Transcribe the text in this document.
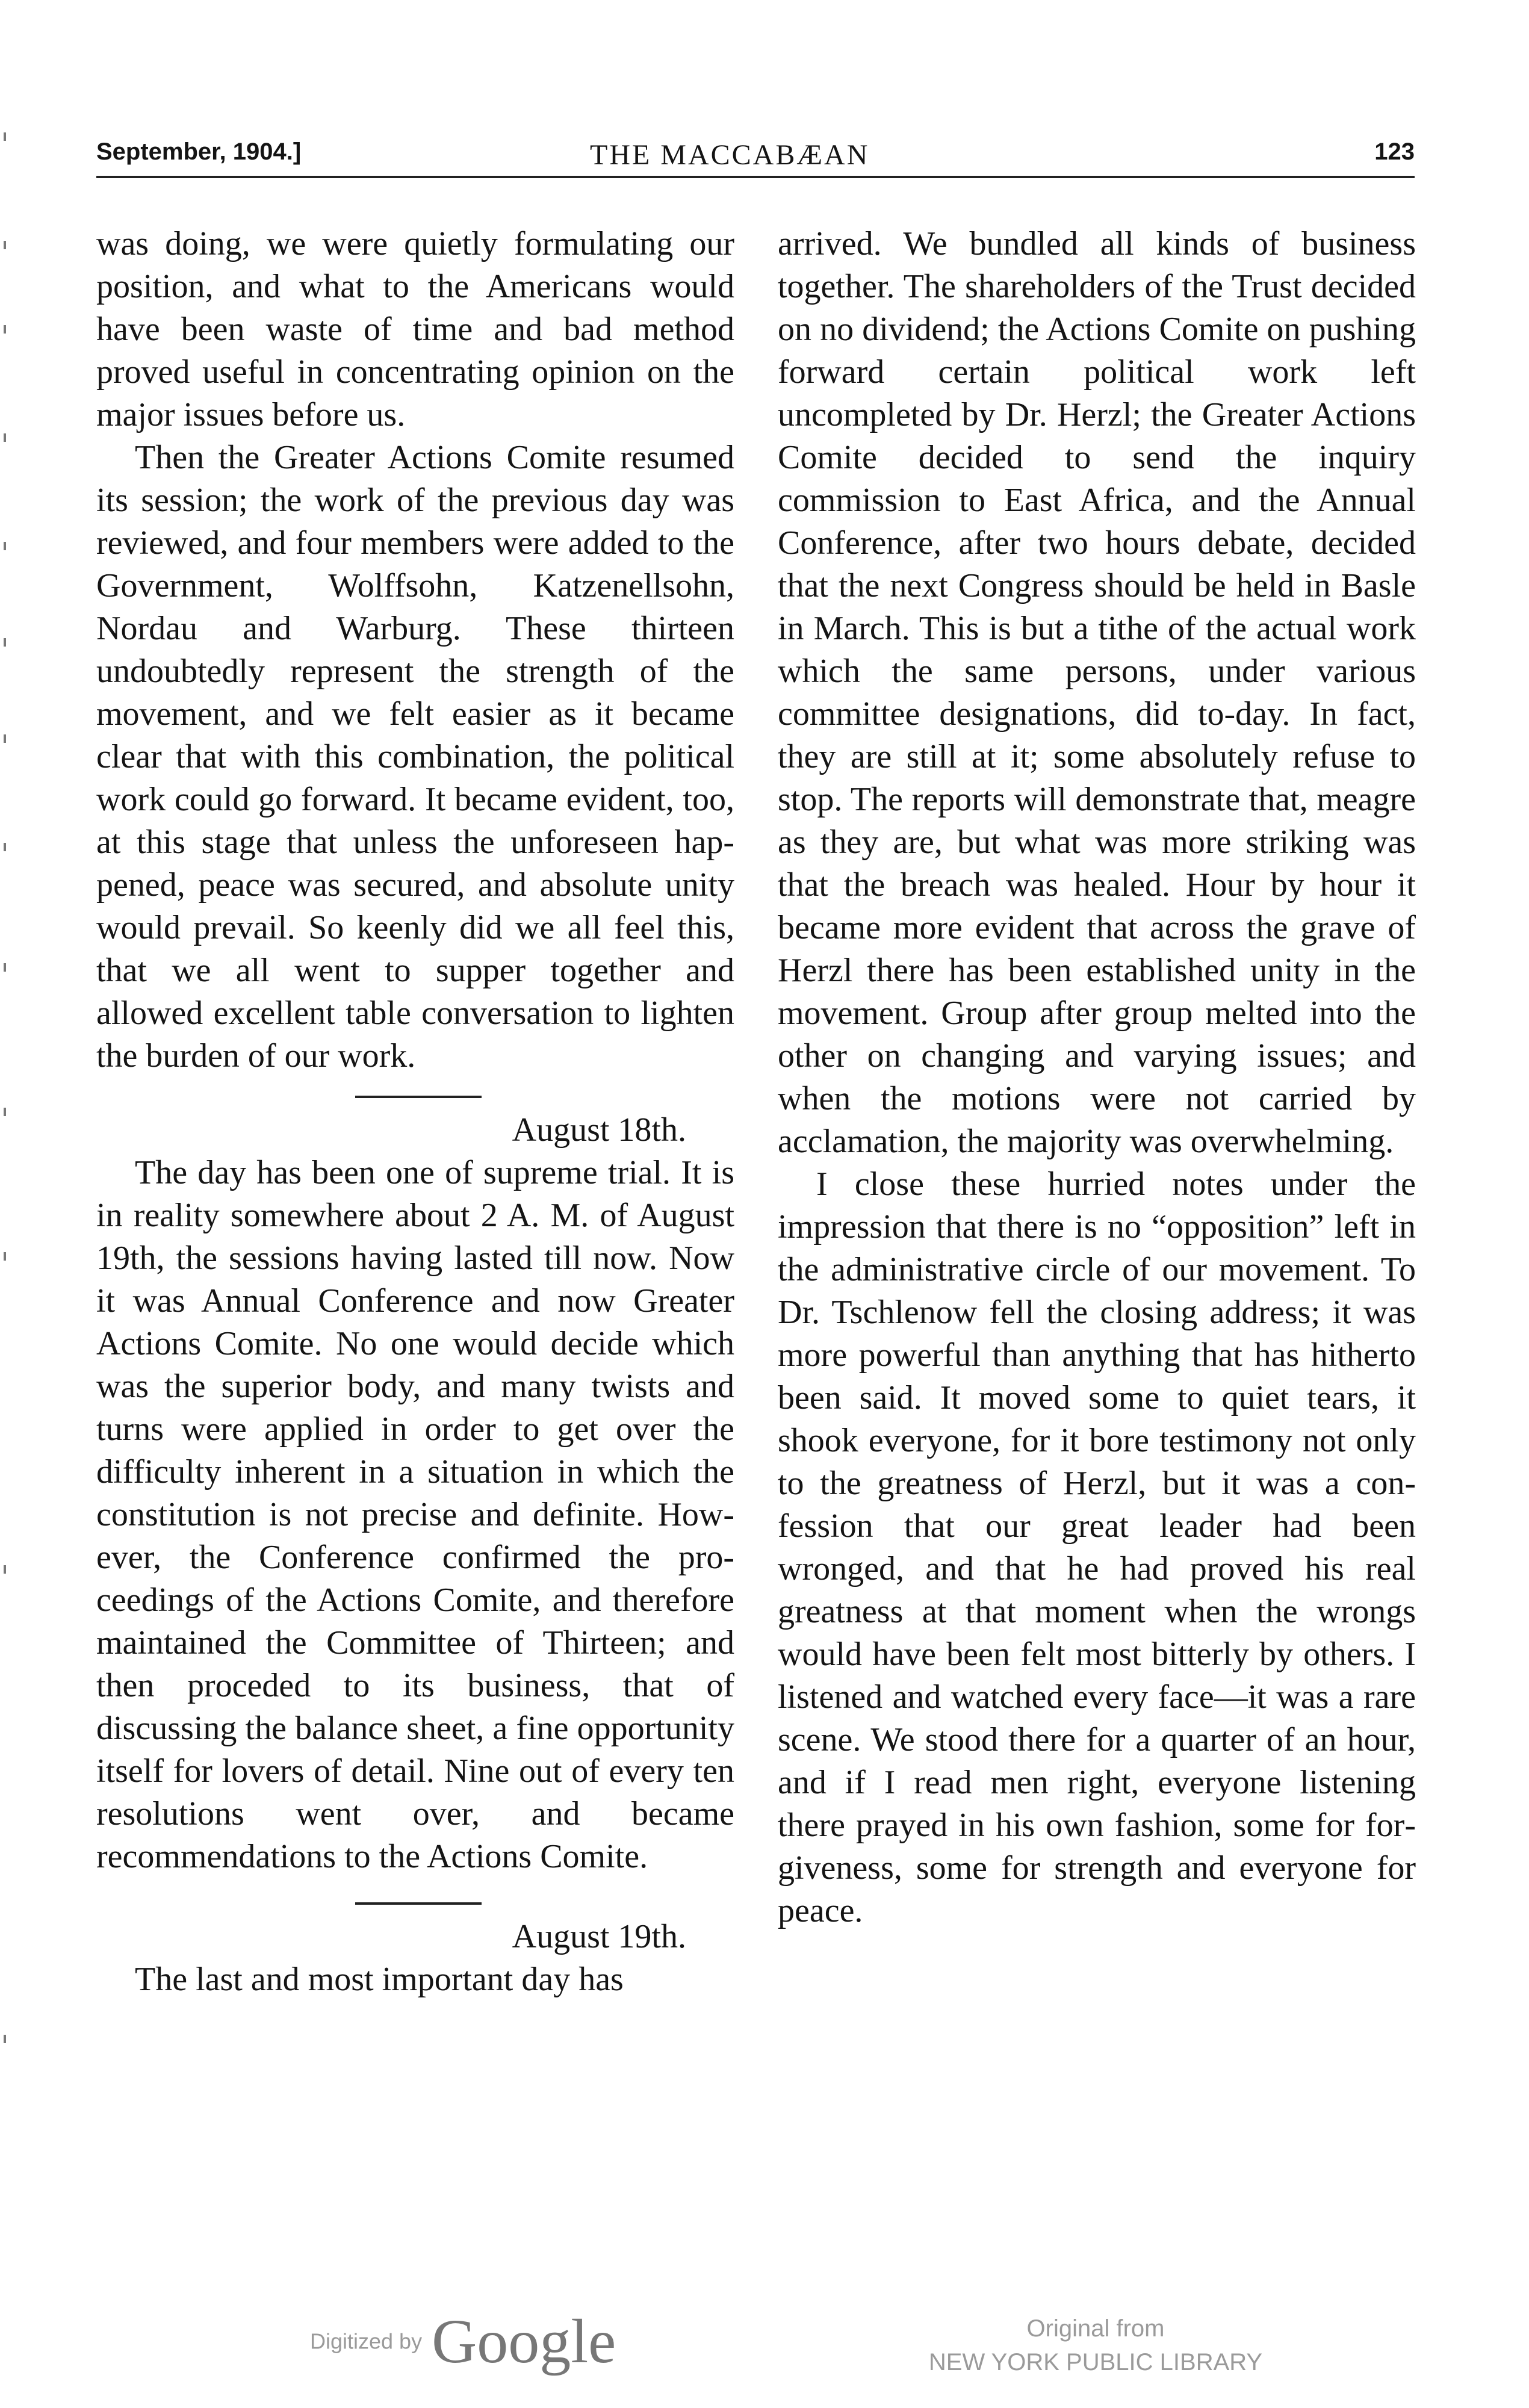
September, 1904.]	THE MACCABÆAN	123

was doing, we were quietly formulating our position, and what to the Americans would have been waste of time and bad method proved useful in concentrating opinion on the major issues before us.

Then the Greater Actions Comite resumed its session; the work of the previous day was reviewed, and four members were added to the Government, Wolffsohn, Katzenellsohn, Nordau and Warburg. These thirteen undoubtedly represent the strength of the movement, and we felt easier as it became clear that with this combination, the political work could go forward. It became evident, too, at this stage that unless the unforeseen happened, peace was secured, and absolute unity would prevail. So keenly did we all feel this, that we all went to supper together and allowed excellent table conversation to lighten the burden of our work.

August 18th.

The day has been one of supreme trial. It is in reality somewhere about 2 A. M. of August 19th, the sessions having lasted till now. Now it was Annual Conference and now Greater Actions Comite. No one would decide which was the superior body, and many twists and turns were applied in order to get over the difficulty inherent in a situation in which the constitution is not precise and definite. However, the Conference confirmed the proceedings of the Actions Comite, and therefore maintained the Committee of Thirteen; and then proceded to its business, that of discussing the balance sheet, a fine opportunity itself for lovers of detail. Nine out of every ten resolutions went over, and became recommendations to the Actions Comite.

August 19th.

The last and most important day has

arrived. We bundled all kinds of business together. The shareholders of the Trust decided on no dividend; the Actions Comite on pushing forward certain political work left uncompleted by Dr. Herzl; the Greater Actions Comite decided to send the inquiry commission to East Africa, and the Annual Conference, after two hours debate, decided that the next Congress should be held in Basle in March. This is but a tithe of the actual work which the same persons, under various committee designations, did to-day. In fact, they are still at it; some absolutely refuse to stop. The reports will demonstrate that, meagre as they are, but what was more striking was that the breach was healed. Hour by hour it became more evident that across the grave of Herzl there has been established unity in the movement. Group after group melted into the other on changing and varying issues; and when the motions were not carried by acclamation, the majority was overwhelming.

I close these hurried notes under the impression that there is no “opposition” left in the administrative circle of our movement. To Dr. Tschlenow fell the closing address; it was more powerful than anything that has hitherto been said. It moved some to quiet tears, it shook everyone, for it bore testimony not only to the greatness of Herzl, but it was a confession that our great leader had been wronged, and that he had proved his real greatness at that moment when the wrongs would have been felt most bitterly by others. I listened and watched every face—it was a rare scene. We stood there for a quarter of an hour, and if I read men right, everyone listening there prayed in his own fashion, some for forgiveness, some for strength and everyone for peace.

Digitized by Google	Original from
NEW YORK PUBLIC LIBRARY
